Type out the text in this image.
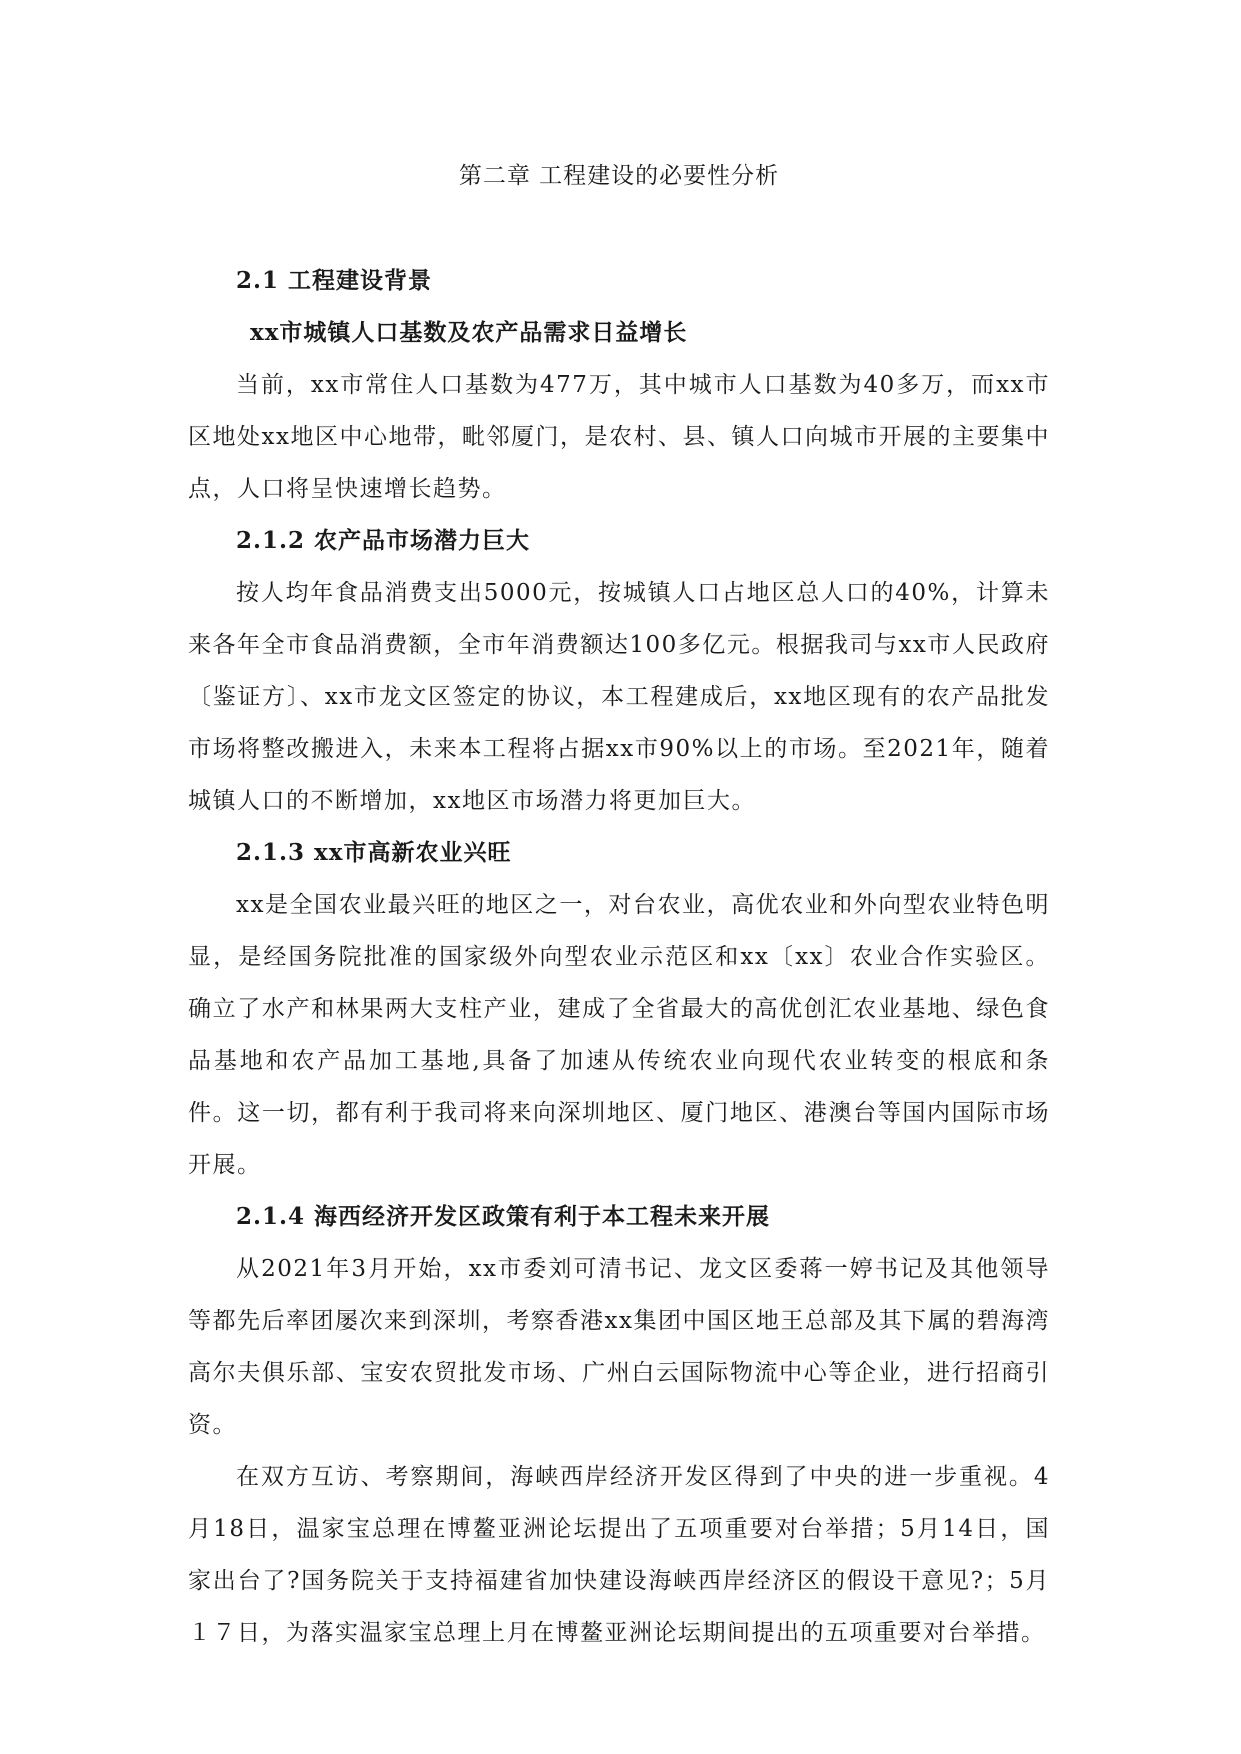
第二章 工程建设的必要性分析
2.1 工程建设背景
xx市城镇人口基数及农产品需求日益增长

当前，xx市常住人口基数为477万，其中城市人口基数为40多万，而xx市区地处xx地区中心地带，毗邻厦门，是农村、县、镇人口向城市开展的主要集中点，人口将呈快速增长趋势。

2.1.2 农产品市场潜力巨大

按人均年食品消费支出5000元，按城镇人口占地区总人口的40%，计算未来各年全市食品消费额，全市年消费额达100多亿元。根据我司与xx市人民政府〔鉴证方〕、xx市龙文区签定的协议，本工程建成后，xx地区现有的农产品批发市场将整改搬进入，未来本工程将占据xx市90%以上的市场。至2021年，随着城镇人口的不断增加，xx地区市场潜力将更加巨大。

2.1.3 xx市高新农业兴旺

xx是全国农业最兴旺的地区之一，对台农业，高优农业和外向型农业特色明显，是经国务院批准的国家级外向型农业示范区和xx〔xx〕农业合作实验区。确立了水产和林果两大支柱产业，建成了全省最大的高优创汇农业基地、绿色食品基地和农产品加工基地,具备了加速从传统农业向现代农业转变的根底和条件。这一切，都有利于我司将来向深圳地区、厦门地区、港澳台等国内国际市场开展。

2.1.4 海西经济开发区政策有利于本工程未来开展

从2021年3月开始，xx市委刘可清书记、龙文区委蒋一婷书记及其他领导等都先后率团屡次来到深圳，考察香港xx集团中国区地王总部及其下属的碧海湾高尔夫俱乐部、宝安农贸批发市场、广州白云国际物流中心等企业，进行招商引资。

在双方互访、考察期间，海峡西岸经济开发区得到了中央的进一步重视。4月18日，温家宝总理在博鳌亚洲论坛提出了五项重要对台举措；5月14日，国家出台了?国务院关于支持福建省加快建设海峡西岸经济区的假设干意见?；5月１７日，为落实温家宝总理上月在博鳌亚洲论坛期间提出的五项重要对台举措。
